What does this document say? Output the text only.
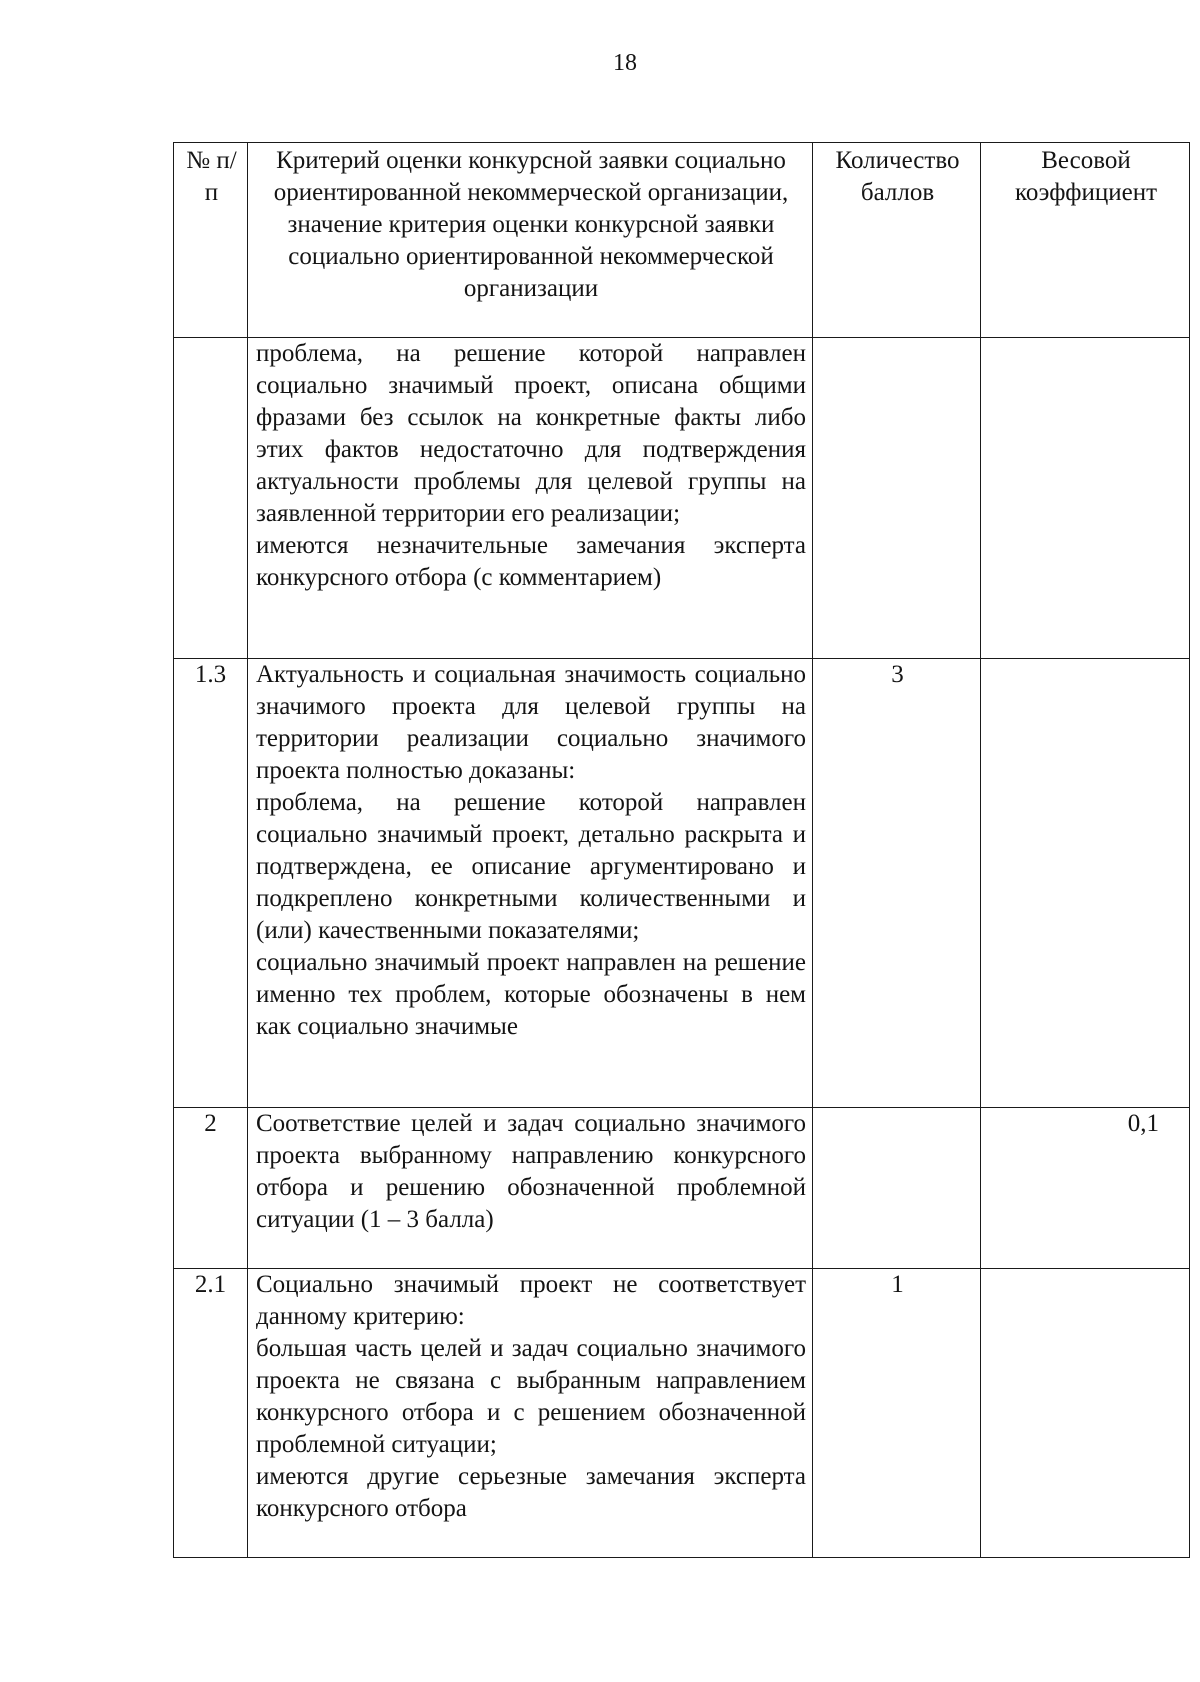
18
№ п/п	Критерий оценки конкурсной заявки социально ориентированной некоммерческой организации, значение критерия оценки конкурсной заявки социально ориентированной некоммерческой организации	Количество баллов	Весовой коэффициент

	проблема, на решение которой направлен социально значимый проект, описана общими фразами без ссылок на конкретные факты либо этих фактов недостаточно для подтверждения актуальности проблемы для целевой группы на заявленной территории его реализации;
имеются незначительные замечания эксперта конкурсного отбора (с комментарием)		

1.3	Актуальность и социальная значимость социально значимого проекта для целевой группы на территории реализации социально значимого проекта полностью доказаны:
проблема, на решение которой направлен социально значимый проект, детально раскрыта и подтверждена, ее описание аргументировано и подкреплено конкретными количественными и (или) качественными показателями;
социально значимый проект направлен на решение именно тех проблем, которые обозначены в нем как социально значимые	3	
2	Соответствие целей и задач социально значимого проекта выбранному направлению конкурсного отбора и решению обозначенной проблемной ситуации (1 – 3 балла)		0,1
2.1	Социально значимый проект не соответствует данному критерию:
большая часть целей и задач социально значимого проекта не связана с выбранным направлением конкурсного отбора и с решением обозначенной проблемной ситуации;
имеются другие серьезные замечания эксперта конкурсного отбора	1	
